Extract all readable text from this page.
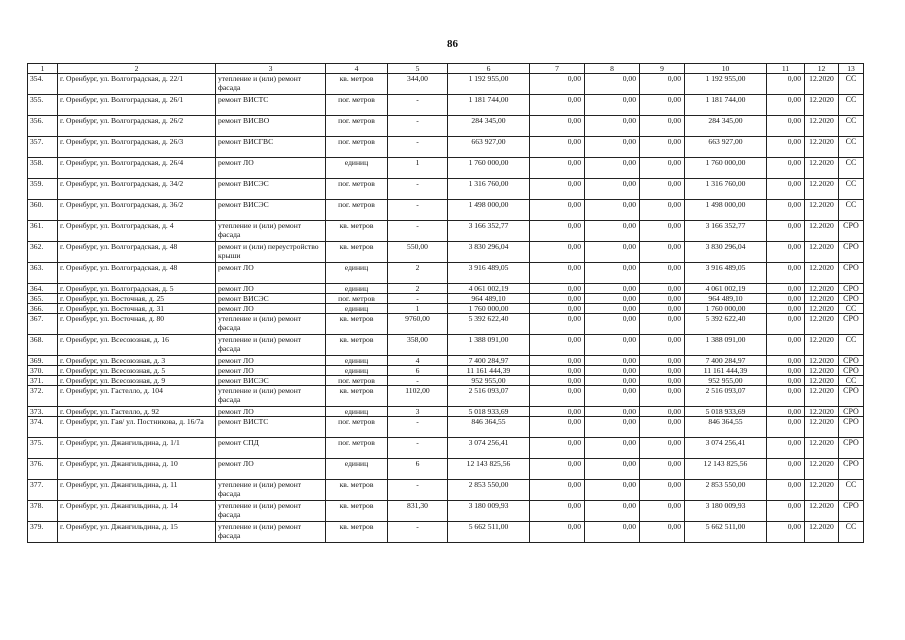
86
1	2	3	4	5	6	7	8	9	10	11	12	13
354.	г. Оренбург, ул. Волгоградская, д. 22/1	утепление и (или) ремонт фасада	кв. метров	344,00	1 192 955,00	0,00	0,00	0,00	1 192 955,00	0,00	12.2020	СС
355.	г. Оренбург, ул. Волгоградская, д. 26/1	ремонт ВИСТС	пог. метров	-	1 181 744,00	0,00	0,00	0,00	1 181 744,00	0,00	12.2020	СС
356.	г. Оренбург, ул. Волгоградская, д. 26/2	ремонт ВИСВО	пог. метров	-	284 345,00	0,00	0,00	0,00	284 345,00	0,00	12.2020	СС
357.	г. Оренбург, ул. Волгоградская, д. 26/3	ремонт ВИСГВС	пог. метров	-	663 927,00	0,00	0,00	0,00	663 927,00	0,00	12.2020	СС
358.	г. Оренбург, ул. Волгоградская, д. 26/4	ремонт ЛО	единиц	1	1 760 000,00	0,00	0,00	0,00	1 760 000,00	0,00	12.2020	СС
359.	г. Оренбург, ул. Волгоградская, д. 34/2	ремонт ВИСЭС	пог. метров	-	1 316 760,00	0,00	0,00	0,00	1 316 760,00	0,00	12.2020	СС
360.	г. Оренбург, ул. Волгоградская, д. 36/2	ремонт ВИСЭС	пог. метров	-	1 498 000,00	0,00	0,00	0,00	1 498 000,00	0,00	12.2020	СС
361.	г. Оренбург, ул. Волгоградская, д. 4	утепление и (или) ремонт фасада	кв. метров	-	3 166 352,77	0,00	0,00	0,00	3 166 352,77	0,00	12.2020	СРО
362.	г. Оренбург, ул. Волгоградская, д. 48	ремонт и (или) переустройство крыши	кв. метров	550,00	3 830 296,04	0,00	0,00	0,00	3 830 296,04	0,00	12.2020	СРО
363.	г. Оренбург, ул. Волгоградская, д. 48	ремонт ЛО	единиц	2	3 916 489,05	0,00	0,00	0,00	3 916 489,05	0,00	12.2020	СРО
364.	г. Оренбург, ул. Волгоградская, д. 5	ремонт ЛО	единиц	2	4 061 002,19	0,00	0,00	0,00	4 061 002,19	0,00	12.2020	СРО
365.	г. Оренбург, ул. Восточная, д. 25	ремонт ВИСЭС	пог. метров	-	964 489,10	0,00	0,00	0,00	964 489,10	0,00	12.2020	СРО
366.	г. Оренбург, ул. Восточная, д. 31	ремонт ЛО	единиц	1	1 760 000,00	0,00	0,00	0,00	1 760 000,00	0,00	12.2020	СС
367.	г. Оренбург, ул. Восточная, д. 80	утепление и (или) ремонт фасада	кв. метров	9760,00	5 392 622,40	0,00	0,00	0,00	5 392 622,40	0,00	12.2020	СРО
368.	г. Оренбург, ул. Всесоюзная, д. 16	утепление и (или) ремонт фасада	кв. метров	358,00	1 388 091,00	0,00	0,00	0,00	1 388 091,00	0,00	12.2020	СС
369.	г. Оренбург, ул. Всесоюзная, д. 3	ремонт ЛО	единиц	4	7 400 284,97	0,00	0,00	0,00	7 400 284,97	0,00	12.2020	СРО
370.	г. Оренбург, ул. Всесоюзная, д. 5	ремонт ЛО	единиц	6	11 161 444,39	0,00	0,00	0,00	11 161 444,39	0,00	12.2020	СРО
371.	г. Оренбург, ул. Всесоюзная, д. 9	ремонт ВИСЭС	пог. метров	-	952 955,00	0,00	0,00	0,00	952 955,00	0,00	12.2020	СС
372.	г. Оренбург, ул. Гастелло, д. 104	утепление и (или) ремонт фасада	кв. метров	1102,00	2 516 093,07	0,00	0,00	0,00	2 516 093,07	0,00	12.2020	СРО
373.	г. Оренбург, ул. Гастелло, д. 92	ремонт ЛО	единиц	3	5 018 933,69	0,00	0,00	0,00	5 018 933,69	0,00	12.2020	СРО
374.	г. Оренбург, ул. Гая/ ул. Постникова, д. 16/7а	ремонт ВИСТС	пог. метров	-	846 364,55	0,00	0,00	0,00	846 364,55	0,00	12.2020	СРО
375.	г. Оренбург, ул. Джангильдина, д. 1/1	ремонт СПД	пог. метров	-	3 074 256,41	0,00	0,00	0,00	3 074 256,41	0,00	12.2020	СРО
376.	г. Оренбург, ул. Джангильдина, д. 10	ремонт ЛО	единиц	6	12 143 825,56	0,00	0,00	0,00	12 143 825,56	0,00	12.2020	СРО
377.	г. Оренбург, ул. Джангильдина, д. 11	утепление и (или) ремонт фасада	кв. метров	-	2 853 550,00	0,00	0,00	0,00	2 853 550,00	0,00	12.2020	СС
378.	г. Оренбург, ул. Джангильдина, д. 14	утепление и (или) ремонт фасада	кв. метров	831,30	3 180 009,93	0,00	0,00	0,00	3 180 009,93	0,00	12.2020	СРО
379.	г. Оренбург, ул. Джангильдина, д. 15	утепление и (или) ремонт фасада	кв. метров	-	5 662 511,00	0,00	0,00	0,00	5 662 511,00	0,00	12.2020	СС
